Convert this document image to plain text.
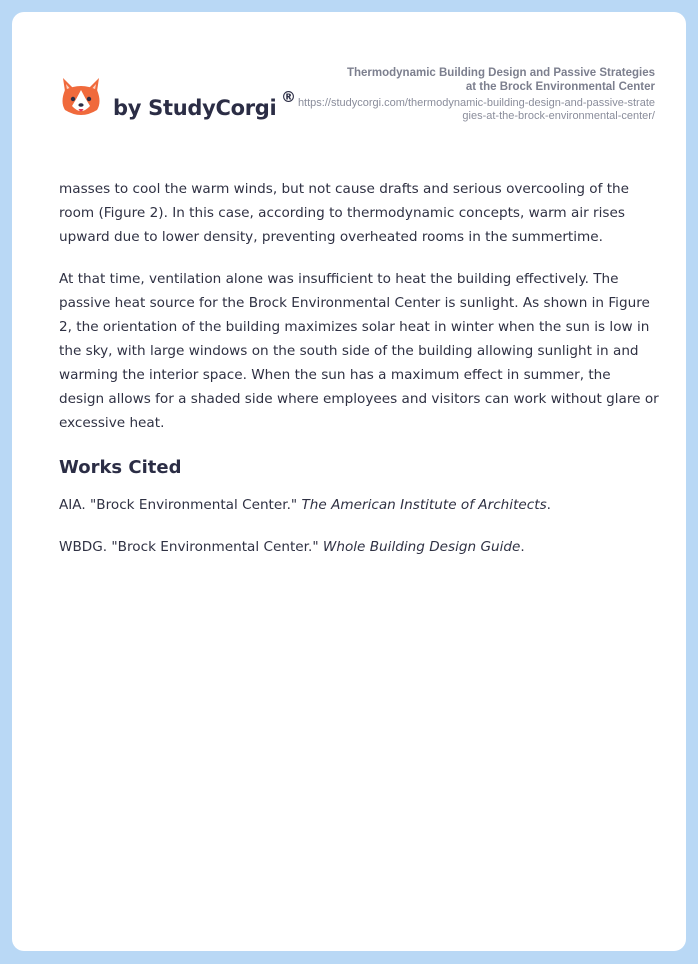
by StudyCorgi ®
Thermodynamic Building Design and Passive Strategies
at the Brock Environmental Center
https://studycorgi.com/thermodynamic-building-design-and-passive-strategies-at-the-brock-environmental-center/

masses to cool the warm winds, but not cause drafts and serious overcooling of the room (Figure 2). In this case, according to thermodynamic concepts, warm air rises upward due to lower density, preventing overheated rooms in the summertime.

At that time, ventilation alone was insufficient to heat the building effectively. The passive heat source for the Brock Environmental Center is sunlight. As shown in Figure 2, the orientation of the building maximizes solar heat in winter when the sun is low in the sky, with large windows on the south side of the building allowing sunlight in and warming the interior space. When the sun has a maximum effect in summer, the design allows for a shaded side where employees and visitors can work without glare or excessive heat.

Works Cited

AIA. "Brock Environmental Center." The American Institute of Architects.

WBDG. "Brock Environmental Center." Whole Building Design Guide.
